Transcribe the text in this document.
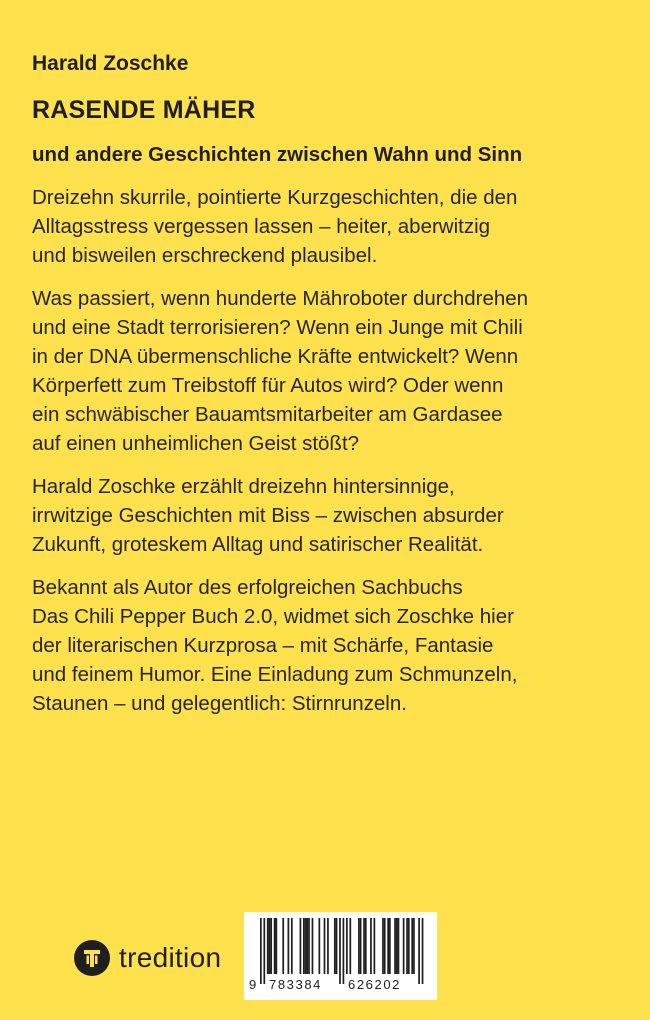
Harald Zoschke

RASENDE MÄHER

und andere Geschichten zwischen Wahn und Sinn

Dreizehn skurrile, pointierte Kurzgeschichten, die den
Alltagsstress vergessen lassen – heiter, aberwitzig
und bisweilen erschreckend plausibel.

Was passiert, wenn hunderte Mähroboter durchdrehen
und eine Stadt terrorisieren? Wenn ein Junge mit Chili
in der DNA übermenschliche Kräfte entwickelt? Wenn
Körperfett zum Treibstoff für Autos wird? Oder wenn
ein schwäbischer Bauamtsmitarbeiter am Gardasee
auf einen unheimlichen Geist stößt?

Harald Zoschke erzählt dreizehn hintersinnige,
irrwitzige Geschichten mit Biss – zwischen absurder
Zukunft, groteskem Alltag und satirischer Realität.

Bekannt als Autor des erfolgreichen Sachbuchs
Das Chili Pepper Buch 2.0, widmet sich Zoschke hier
der literarischen Kurzprosa – mit Schärfe, Fantasie
und feinem Humor. Eine Einladung zum Schmunzeln,
Staunen – und gelegentlich: Stirnrunzeln.

tredition
9 783384 626202
